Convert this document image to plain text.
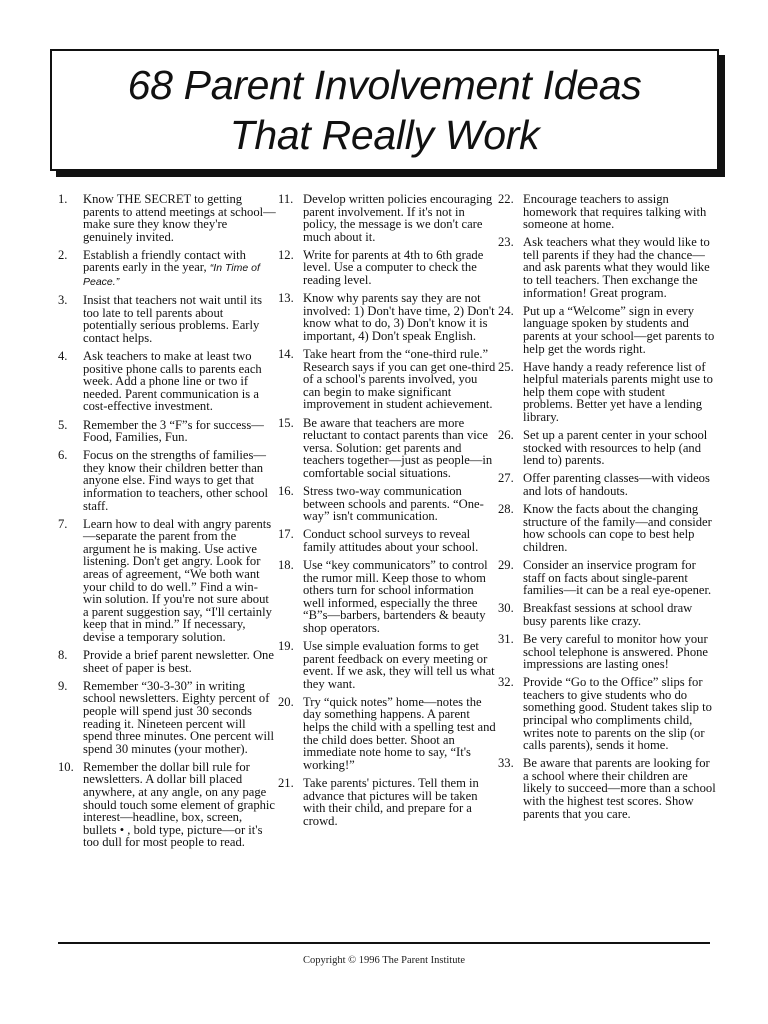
68 Parent Involvement Ideas
That Really Work
1. Know THE SECRET to getting parents to attend meetings at school—make sure they know they're genuinely invited.
2. Establish a friendly contact with parents early in the year, “In Time of Peace.”
3. Insist that teachers not wait until its too late to tell parents about potentially serious problems. Early contact helps.
4. Ask teachers to make at least two positive phone calls to parents each week. Add a phone line or two if needed. Parent communication is a cost-effective investment.
5. Remember the 3 “F”s for success—Food, Families, Fun.
6. Focus on the strengths of families—they know their children better than anyone else. Find ways to get that information to teachers, other school staff.
7. Learn how to deal with angry parents—separate the parent from the argument he is making. Use active listening. Don't get angry. Look for areas of agreement, “We both want your child to do well.” Find a win-win solution. If you're not sure about a parent suggestion say, “I'll certainly keep that in mind.” If necessary, devise a temporary solution.
8. Provide a brief parent newsletter. One sheet of paper is best.
9. Remember “30-3-30” in writing school newsletters. Eighty percent of people will spend just 30 seconds reading it. Nineteen percent will spend three minutes. One percent will spend 30 minutes (your mother).
10. Remember the dollar bill rule for newsletters. A dollar bill placed anywhere, at any angle, on any page should touch some element of graphic interest—headline, box, screen, bullets • , bold type, picture—or it's too dull for most people to read.
11. Develop written policies encouraging parent involvement. If it's not in policy, the message is we don't care much about it.
12. Write for parents at 4th to 6th grade level. Use a computer to check the reading level.
13. Know why parents say they are not involved: 1) Don't have time, 2) Don't know what to do, 3) Don't know it is important, 4) Don't speak English.
14. Take heart from the “one-third rule.” Research says if you can get one-third of a school's parents involved, you can begin to make significant improvement in student achievement.
15. Be aware that teachers are more reluctant to contact parents than vice versa. Solution: get parents and teachers together—just as people—in comfortable social situations.
16. Stress two-way communication between schools and parents. “One-way” isn't communication.
17. Conduct school surveys to reveal family attitudes about your school.
18. Use “key communicators” to control the rumor mill. Keep those to whom others turn for school information well informed, especially the three “B”s—barbers, bartenders & beauty shop operators.
19. Use simple evaluation forms to get parent feedback on every meeting or event. If we ask, they will tell us what they want.
20. Try “quick notes” home—notes the day something happens. A parent helps the child with a spelling test and the child does better. Shoot an immediate note home to say, “It's working!”
21. Take parents' pictures. Tell them in advance that pictures will be taken with their child, and prepare for a crowd.
22. Encourage teachers to assign homework that requires talking with someone at home.
23. Ask teachers what they would like to tell parents if they had the chance—and ask parents what they would like to tell teachers. Then exchange the information! Great program.
24. Put up a “Welcome” sign in every language spoken by students and parents at your school—get parents to help get the words right.
25. Have handy a ready reference list of helpful materials parents might use to help them cope with student problems. Better yet have a lending library.
26. Set up a parent center in your school stocked with resources to help (and lend to) parents.
27. Offer parenting classes—with videos and lots of handouts.
28. Know the facts about the changing structure of the family—and consider how schools can cope to best help children.
29. Consider an inservice program for staff on facts about single-parent families—it can be a real eye-opener.
30. Breakfast sessions at school draw busy parents like crazy.
31. Be very careful to monitor how your school telephone is answered. Phone impressions are lasting ones!
32. Provide “Go to the Office” slips for teachers to give students who do something good. Student takes slip to principal who compliments child, writes note to parents on the slip (or calls parents), sends it home.
33. Be aware that parents are looking for a school where their children are likely to succeed—more than a school with the highest test scores. Show parents that you care.
Copyright © 1996 The Parent Institute
